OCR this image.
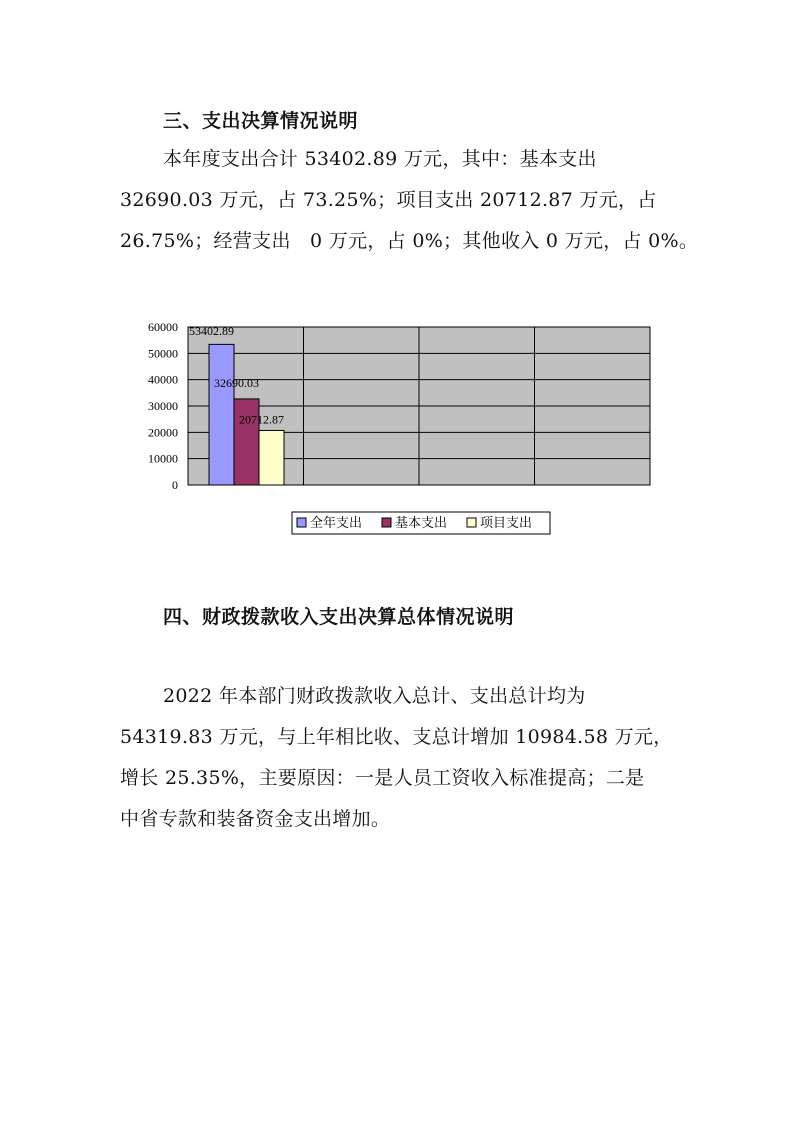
三、支出决算情况说明
本年度支出合计 53402.89 万元，其中：基本支出
32690.03 万元，占 73.25%；项目支出 20712.87 万元，占
26.75%；经营支出　0 万元，占 0%；其他收入 0 万元，占 0%。
60000
50000
40000
30000
20000
10000
0
53402.89
32690.03
20712.87
全年支出	基本支出	项目支出
四、财政拨款收入支出决算总体情况说明
2022 年本部门财政拨款收入总计、支出总计均为
54319.83 万元，与上年相比收、支总计增加 10984.58 万元，
增长 25.35%，主要原因：一是人员工资收入标准提高；二是
中省专款和装备资金支出增加。
